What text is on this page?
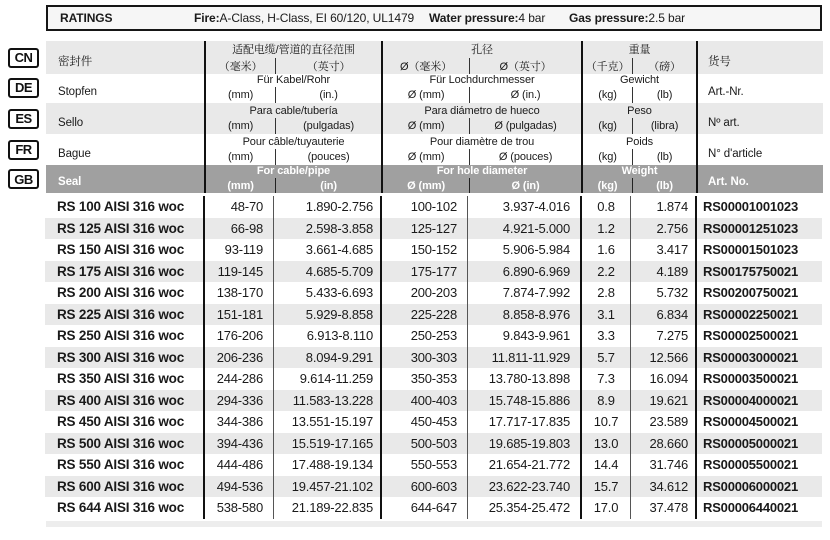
RATINGS	Fire: A-Class, H-Class, EI 60/120, UL1479 Water pressure: 4 bar Gas pressure: 2.5 bar
CN	密封件
适配电缆/管道的直径范围
（毫米）	（英寸）
孔径
Ø（毫米）	Ø（英寸）
重量
（千克）	（磅）	货号
DE	Stopfen
Für Kabel/Rohr
(mm)	(in.)
Für Lochdurchmesser
Ø (mm)	Ø (in.)
Gewicht
(kg)	(lb)	Art.-Nr.
ES	Sello
Para cable/tubería
(mm)	(pulgadas)
Para diámetro de hueco
Ø (mm)	Ø (pulgadas)
Peso
(kg)	(libra)	Nº art.
FR	Bague
Pour câble/tuyauterie
(mm)	(pouces)
Pour diamètre de trou
Ø (mm)	Ø (pouces)
Poids
(kg)	(lb)	N° d'article
GB	Seal
For cable/pipe
(mm)	(in)
For hole diameter
Ø (mm)	Ø (in)
Weight
(kg)	(lb)	Art. No.
RS 100 AISI 316 woc	48-70	1.890-2.756	100-102	3.937-4.016	0.8	1.874	RS00001001023
RS 125 AISI 316 woc	66-98	2.598-3.858	125-127	4.921-5.000	1.2	2.756	RS00001251023
RS 150 AISI 316 woc	93-119	3.661-4.685	150-152	5.906-5.984	1.6	3.417	RS00001501023
RS 175 AISI 316 woc	119-145	4.685-5.709	175-177	6.890-6.969	2.2	4.189	RS00175750021
RS 200 AISI 316 woc	138-170	5.433-6.693	200-203	7.874-7.992	2.8	5.732	RS00200750021
RS 225 AISI 316 woc	151-181	5.929-8.858	225-228	8.858-8.976	3.1	6.834	RS00002250021
RS 250 AISI 316 woc	176-206	6.913-8.110	250-253	9.843-9.961	3.3	7.275	RS00002500021
RS 300 AISI 316 woc	206-236	8.094-9.291	300-303	11.811-11.929	5.7	12.566	RS00003000021
RS 350 AISI 316 woc	244-286	9.614-11.259	350-353	13.780-13.898	7.3	16.094	RS00003500021
RS 400 AISI 316 woc	294-336	11.583-13.228	400-403	15.748-15.886	8.9	19.621	RS00004000021
RS 450 AISI 316 woc	344-386	13.551-15.197	450-453	17.717-17.835	10.7	23.589	RS00004500021
RS 500 AISI 316 woc	394-436	15.519-17.165	500-503	19.685-19.803	13.0	28.660	RS00005000021
RS 550 AISI 316 woc	444-486	17.488-19.134	550-553	21.654-21.772	14.4	31.746	RS00005500021
RS 600 AISI 316 woc	494-536	19.457-21.102	600-603	23.622-23.740	15.7	34.612	RS00006000021
RS 644 AISI 316 woc	538-580	21.189-22.835	644-647	25.354-25.472	17.0	37.478	RS00006440021
